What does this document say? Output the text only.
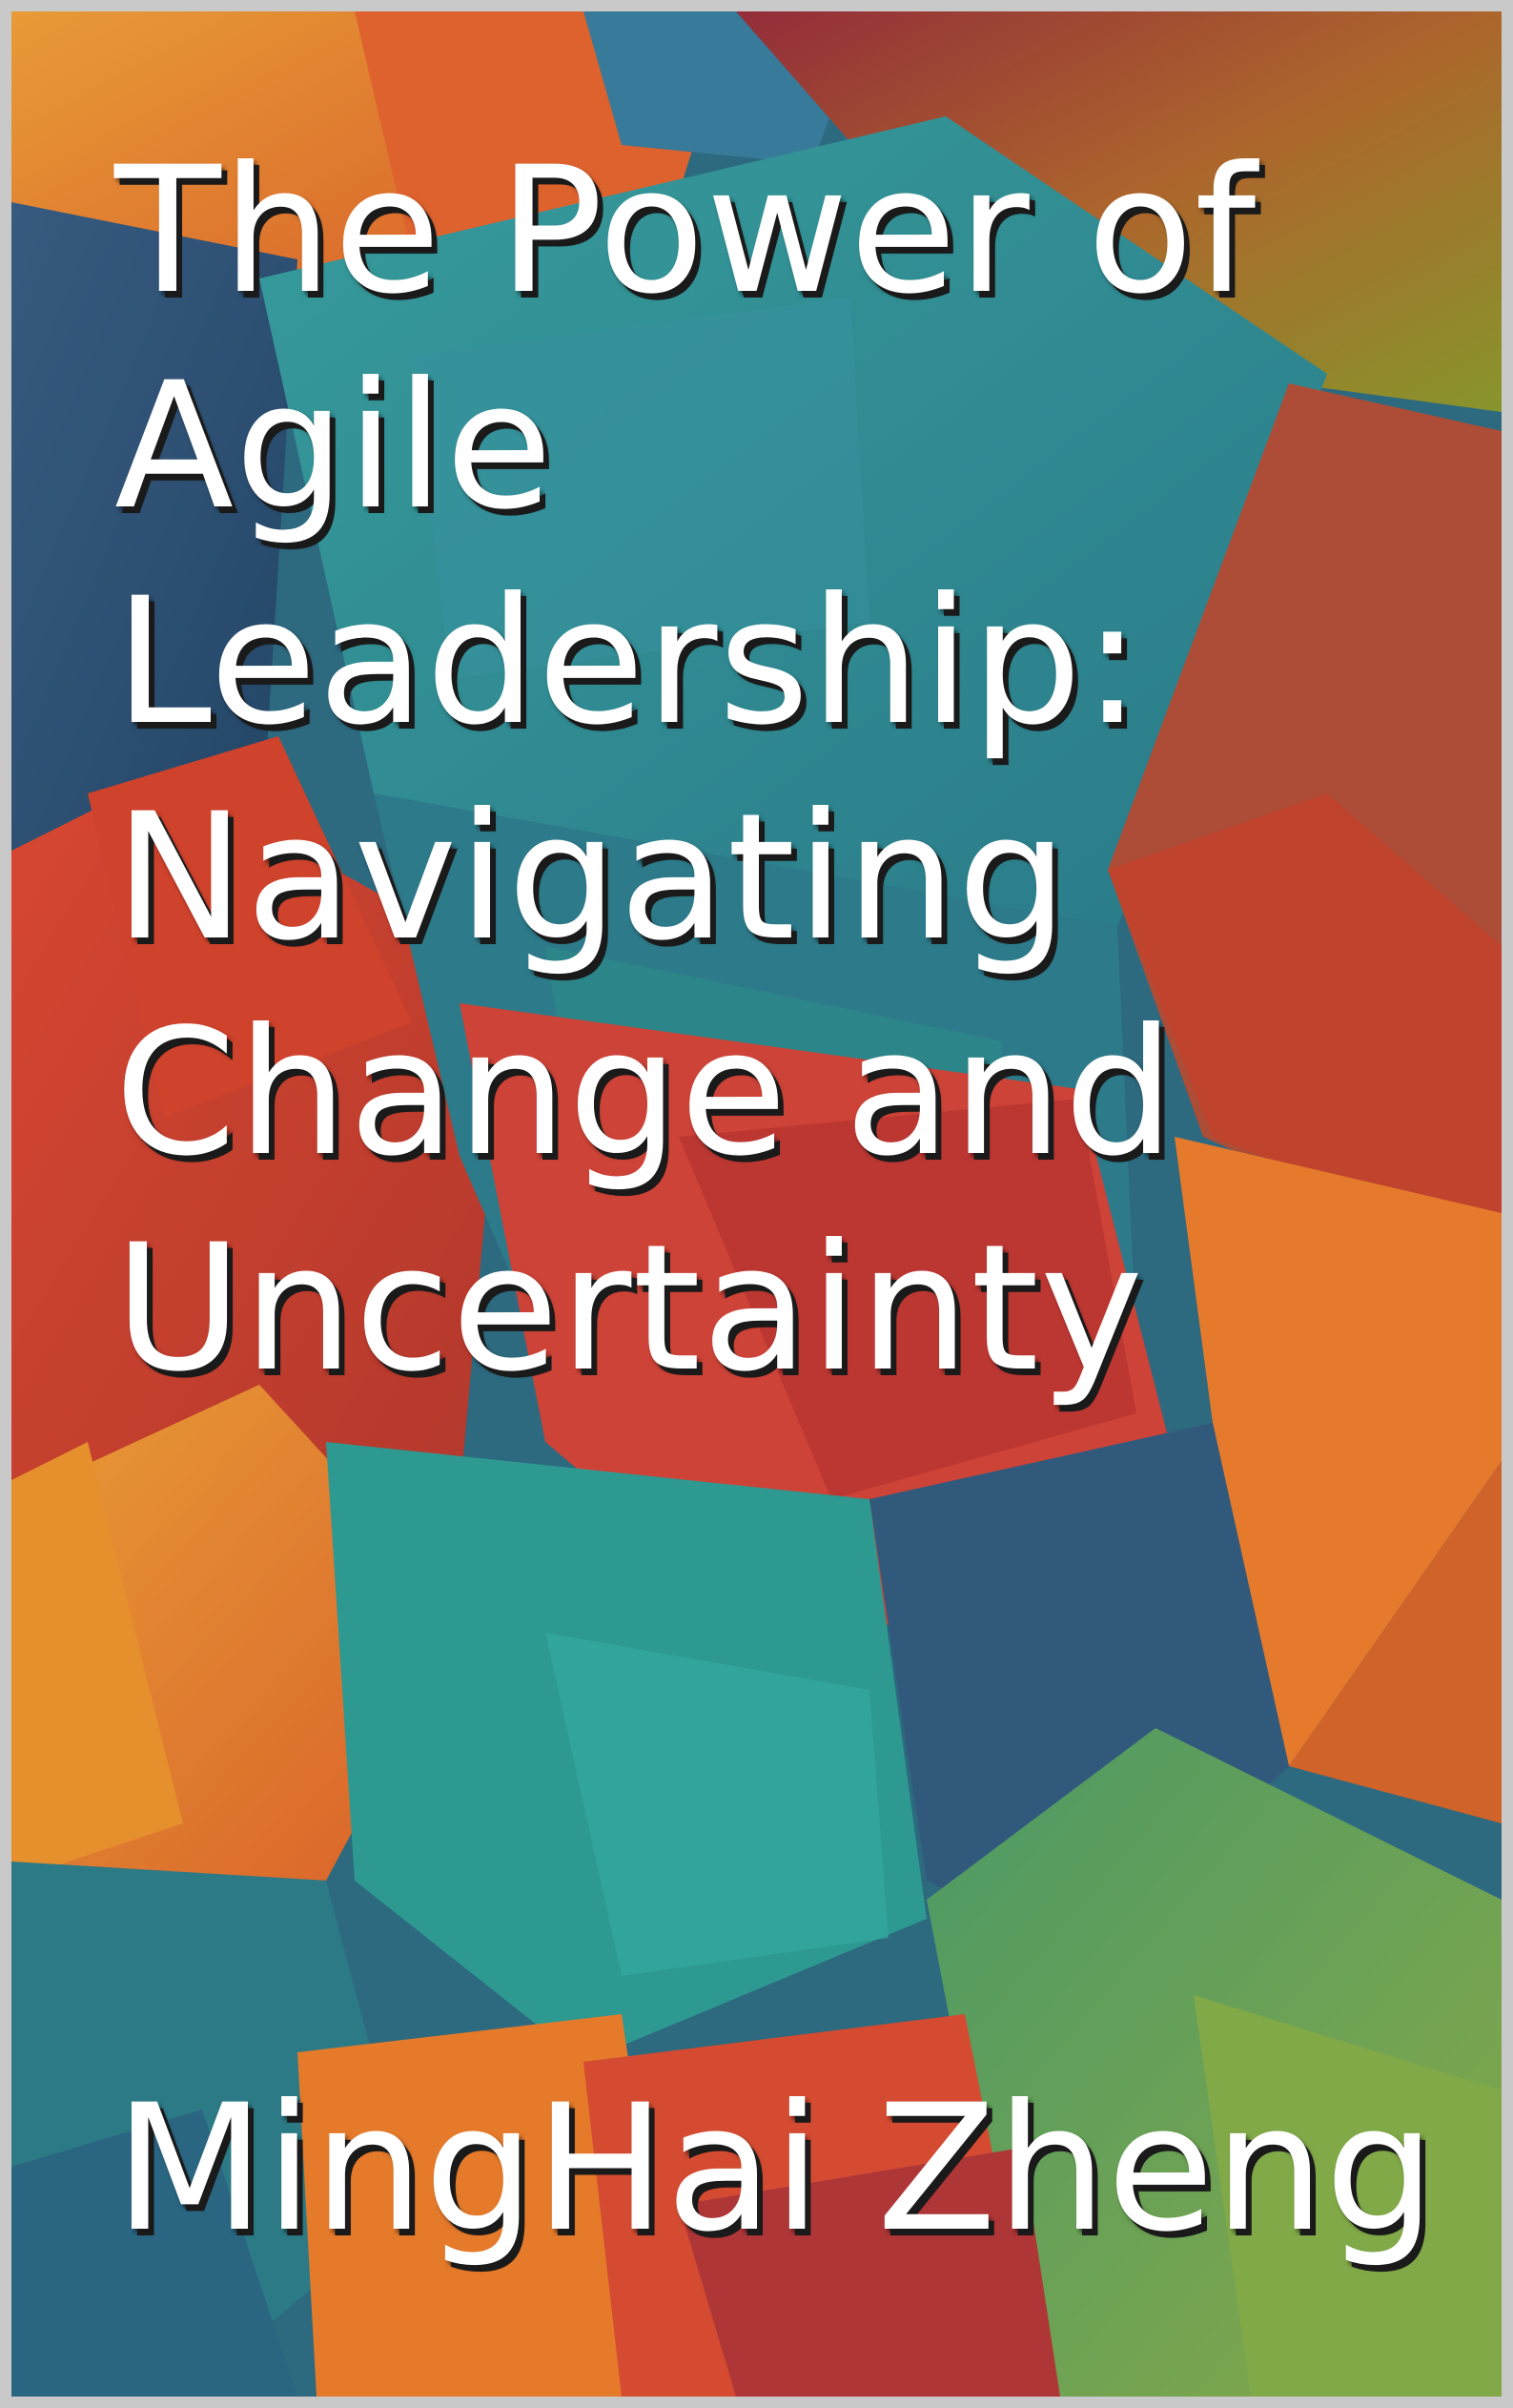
The Power of
Agile
Leadership:
Navigating
Change and
Uncertainty
MingHai Zheng
